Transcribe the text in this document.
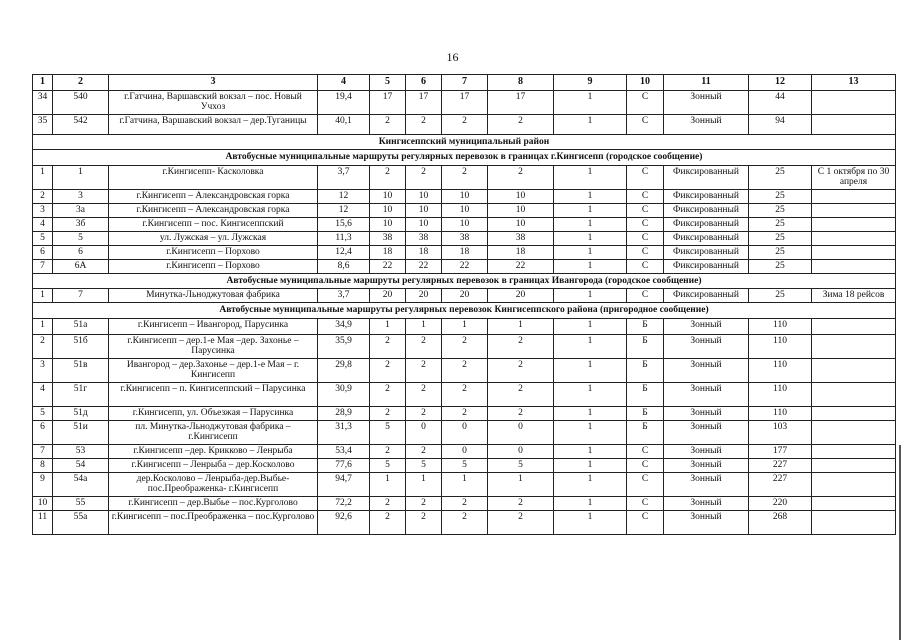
16
1	2	3	4	5	6	7	8	9	10	11	12	13
34	540	г.Гатчина, Варшавский вокзал – пос. Новый Учхоз	19,4	17	17	17	17	1	С	Зонный	44	
35	542	г.Гатчина, Варшавский вокзал – дер.Туганицы	40,1	2	2	2	2	1	С	Зонный	94	
Кингисеппский муниципальный район												
Автобусные муниципальные маршруты регулярных перевозок в границах г.Кингисепп (городское сообщение)												
1	1	г.Кингисепп- Касколовка	3,7	2	2	2	2	1	С	Фиксированный	25	С 1 октября по 30 апреля
2	3	г.Кингисепп – Александровская горка	12	10	10	10	10	1	С	Фиксированный	25	
3	3а	г.Кингисепп – Александровская горка	12	10	10	10	10	1	С	Фиксированный	25	
4	3б	г.Кингисепп – пос. Кингисеппский	15,6	10	10	10	10	1	С	Фиксированный	25	
5	5	ул. Лужская – ул. Лужская	11,3	38	38	38	38	1	С	Фиксированный	25	
6	6	г.Кингисепп – Порхово	12,4	18	18	18	18	1	С	Фиксированный	25	
7	6А	г.Кингисепп – Порхово	8,6	22	22	22	22	1	С	Фиксированный	25	
Автобусные муниципальные маршруты регулярных перевозок в границах Ивангорода (городское сообщение)												
1	7	Минутка-Льноджутовая фабрика	3,7	20	20	20	20	1	С	Фиксированный	25	Зима 18 рейсов
Автобусные муниципальные маршруты регулярных перевозок Кингисеппского района (пригородное сообщение)												
1	51а	г.Кингисепп – Ивангород, Парусинка	34,9	1	1	1	1	1	Б	Зонный	110	
2	51б	г.Кингисепп – дер.1-е Мая –дер. Захонье – Парусинка	35,9	2	2	2	2	1	Б	Зонный	110	
3	51в	Ивангород – дер.Захонье – дер.1-е Мая – г. Кингисепп	29,8	2	2	2	2	1	Б	Зонный	110	
4	51г	г.Кингисепп – п. Кингисеппский – Парусинка	30,9	2	2	2	2	1	Б	Зонный	110	
5	51д	г.Кингисепп, ул. Объезжая – Парусинка	28,9	2	2	2	2	1	Б	Зонный	110	
6	51и	пл. Минутка-Льноджутовая фабрика – г.Кингисепп	31,3	5	0	0	0	1	Б	Зонный	103	
7	53	г.Кингисепп –дер. Крикково – Ленрыба	53,4	2	2	0	0	1	С	Зонный	177	
8	54	г.Кингисепп – Ленрыба – дер.Косколово	77,6	5	5	5	5	1	С	Зонный	227	
9	54а	дер.Косколово – Ленрыба-дер.Выбье-пос.Преображенка- г.Кингисепп	94,7	1	1	1	1	1	С	Зонный	227	
10	55	г.Кингисепп – дер.Выбье – пос.Курголово	72,2	2	2	2	2	1	С	Зонный	220	
11	55а	г.Кингисепп – пос.Преображенка – пос.Курголово	92,6	2	2	2	2	1	С	Зонный	268	
